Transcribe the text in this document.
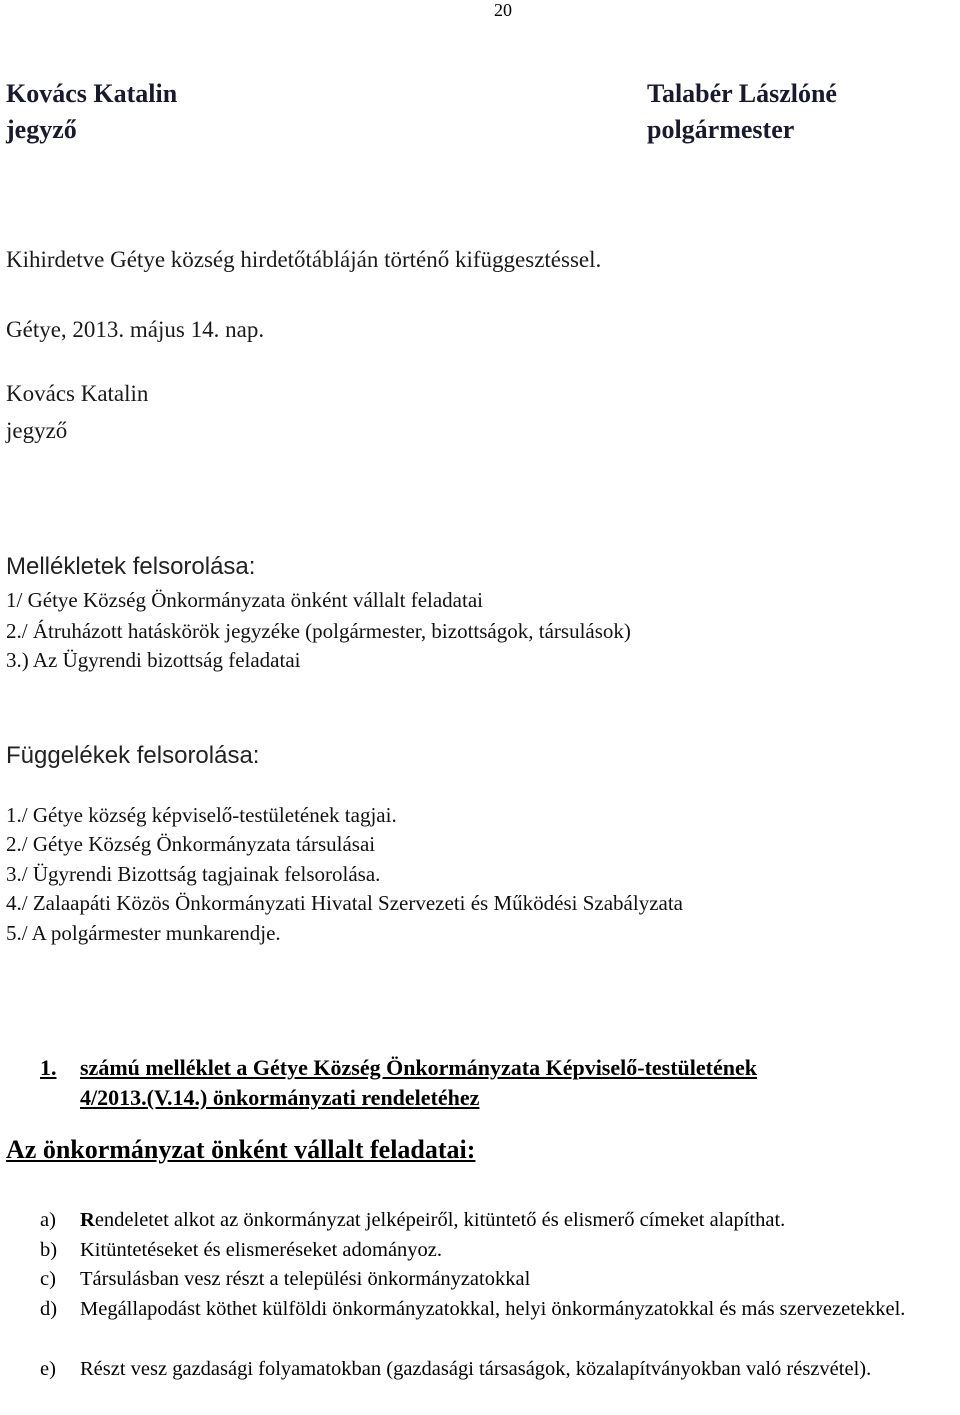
20
Kovács Katalin
jegyző
Talabér Lászlóné
polgármester
Kihirdetve Gétye község hirdetőtábláján történő kifüggesztéssel.
Gétye, 2013. május 14. nap.
Kovács Katalin
jegyző
Mellékletek felsorolása:
1/ Gétye Község Önkormányzata önként vállalt feladatai
2./ Átruházott hatáskörök jegyzéke (polgármester, bizottságok, társulások)
3.) Az Ügyrendi bizottság feladatai
Függelékek felsorolása:
1./ Gétye község képviselő-testületének tagjai.
2./ Gétye Község Önkormányzata társulásai
3./ Ügyrendi Bizottság tagjainak felsorolása.
4./ Zalaapáti Közös Önkormányzati Hivatal Szervezeti és Működési Szabályzata
5./ A polgármester munkarendje.
1. számú melléklet a Gétye Község Önkormányzata Képviselő-testületének
4/2013.(V.14.) önkormányzati rendeletéhez
Az önkormányzat önként vállalt feladatai:
a) Rendeletet alkot az önkormányzat jelképeiről, kitüntető és elismerő címeket alapíthat.
b) Kitüntetéseket és elismeréseket adományoz.
c) Társulásban vesz részt a települési önkormányzatokkal
d) Megállapodást köthet külföldi önkormányzatokkal, helyi önkormányzatokkal és más szervezetekkel.
e) Részt vesz gazdasági folyamatokban (gazdasági társaságok, közalapítványokban való részvétel).
